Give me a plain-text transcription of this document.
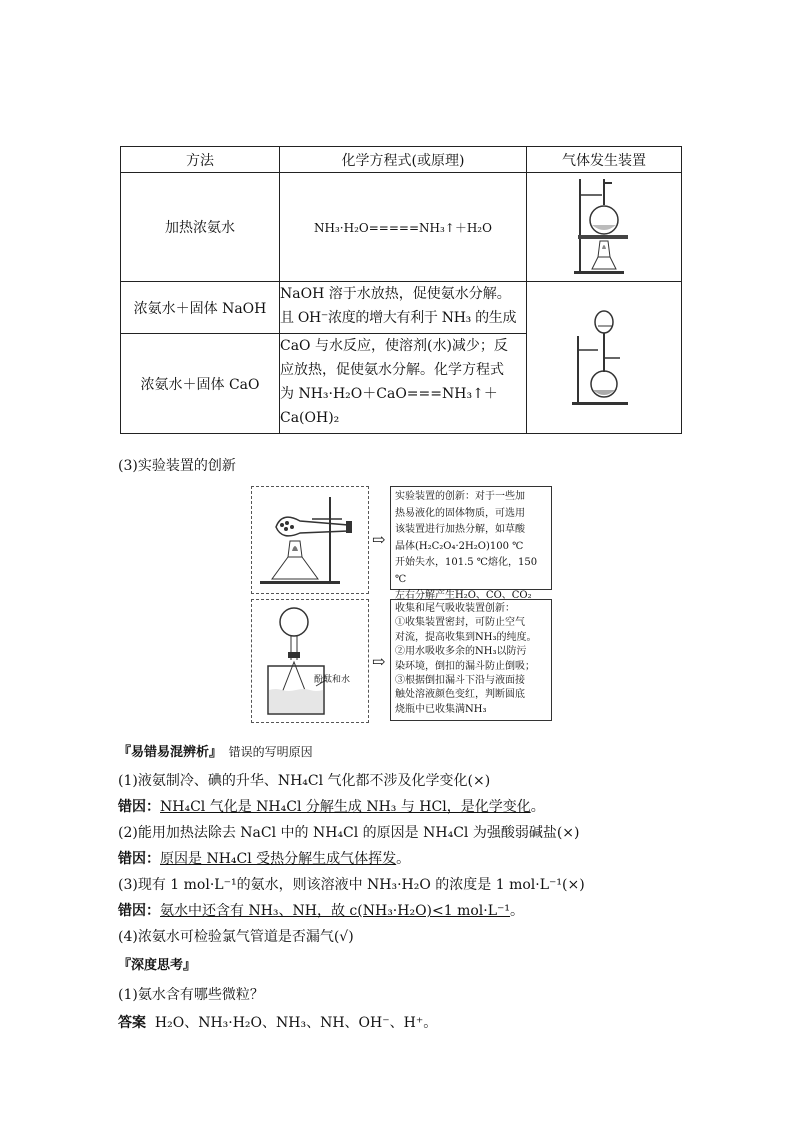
方法	化学方程式(或原理)	气体发生装置
加热浓氨水	NH₃·H₂O=====NH₃↑＋H₂O	
浓氨水＋固体 NaOH	NaOH 溶于水放热，促使氨水分解。
且 OH⁻浓度的增大有利于 NH₃ 的生成

浓氨水＋固体 CaO	CaO 与水反应，使溶剂(水)减少；反
应放热，促使氨水分解。化学方程式
为 NH₃·H₂O＋CaO===NH₃↑＋
Ca(OH)₂	
(3)实验装置的创新
⇨
实验装置的创新：对于一些加
热易液化的固体物质，可选用
该装置进行加热分解，如草酸
晶体(H₂C₂O₄·2H₂O)100 ℃
开始失水，101.5 ℃熔化，150 ℃
左右分解产生H₂O、CO、CO₂
酚酞和水
⇨
收集和尾气吸收装置创新：
①收集装置密封，可防止空气
对流，提高收集到NH₃的纯度。
②用水吸收多余的NH₃以防污
染环境，倒扣的漏斗防止倒吸；
③根据倒扣漏斗下沿与液面接
触处溶液颜色变红，判断圆底
烧瓶中已收集满NH₃
『易错易混辨析』 错误的写明原因
(1)液氨制冷、碘的升华、NH₄Cl 气化都不涉及化学变化(×)
错因：NH₄Cl 气化是 NH₄Cl 分解生成 NH₃ 与 HCl，是化学变化。
(2)能用加热法除去 NaCl 中的 NH₄Cl 的原因是 NH₄Cl 为强酸弱碱盐(×)
错因：原因是 NH₄Cl 受热分解生成气体挥发。
(3)现有 1 mol·L⁻¹的氨水，则该溶液中 NH₃·H₂O 的浓度是 1 mol·L⁻¹(×)
错因：氨水中还含有 NH₃、NH，故 c(NH₃·H₂O)<1 mol·L⁻¹。
(4)浓氨水可检验氯气管道是否漏气(√)
『深度思考』
(1)氨水含有哪些微粒？
答案 H₂O、NH₃·H₂O、NH₃、NH、OH⁻、H⁺。
